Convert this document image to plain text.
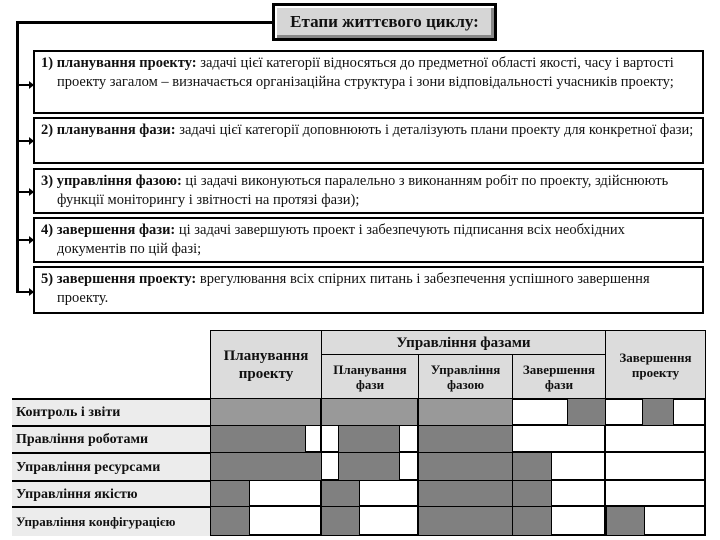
Етапи життєвого циклу:
1) планування проекту: задачі цієї категорії відносяться до предметної області якості, часу і вартості проекту загалом – визначається організаційна структура і зони відповідальності учасників проекту;
2) планування фази: задачі цієї категорії доповнюють і деталізують плани проекту для конкретної фази;
3) управління фазою: ці задачі виконуються паралельно з виконанням робіт по проекту, здійснюють функції моніторингу і звітності на протязі фази);
4) завершення фази: ці задачі завершують проект і забезпечують підписання всіх необхідних документів по цій фазі;
5) завершення проекту: врегулювання всіх спірних питань і забезпечення успішного завершення проекту.
Планування проекту
Управління фазами
Планування фази
Управління фазою
Завершення фази
Завершення проекту
Контроль і звіти
Правління роботами
Управління ресурсами
Управління якістю
Управління конфігурацією
